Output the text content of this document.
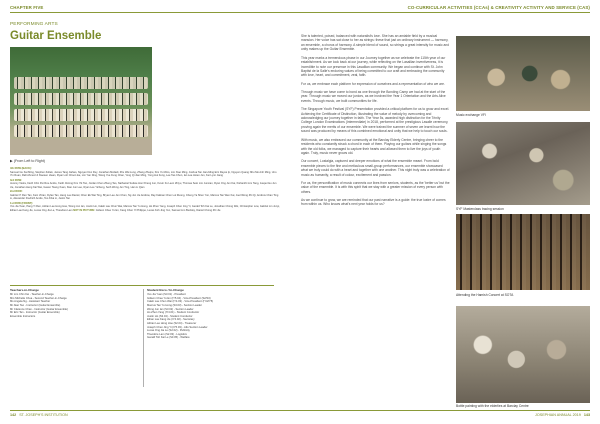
CHAPTER FIVE	CO-CURRICULAR ACTIVITIES (CCAs) & CREATIVITY ACTIVITY AND SERVICE (CAS)
PERFORMING ARTS
Guitar Ensemble
▶ (From Left to Right)
4th ROW (BACK):
Samuel Gu Kai Ming, Stephen Zoltek, James Tang Jiahao, Nguyen Duc Duy, Jonathan Muliadi, Zhu Wai Lung, Zhang Zhuqiu, Kim Yui Woo, Lim Xiao Ming, Joshua Tan Jian-Ming Eric Reyes Ip, Nguyen Quang Nhu Mo Anh Ming, Uno Yin Ruan, Rafi Ahmed Ji Xiaosen Hwan, Ryan Loh Choon Ee, Lim Yan Ding, Wong Yue Fung Chan, Yong Qi Jian Ming, Yong Hui Feng, Lee Tao Chen, Ian Lee Hsien Jun, Kei Lynn Jiang
3rd ROW:
Jeremy Vieira, Kieth Chin Pei Rou Andre, Keith Jitzong Kim Yik Tan, Jordan Chen Zheng Tao, Nathaniel Sodwe Hon Kheng Jun, Kevin Fu Leon Zhiyu, Thomas Seto Lim Junxian, Ryan Ong Jun Kai, Kishanthi Lim Tang, Jasper Eu Jun Jie, Jonathan Heng Kai Wei, Gaven Tsang Xuan, Kian Jun Lee, Ryan Lee Yicheng, Seth Wong Jun Ting, Han Li Qian
2nd ROW:
Gabriel Yi Ren Tan, Kein Vitran, Dylan Tan, Heng Lau Daniel, Chen Ek Wei Ting, Bryan Lee Jun Chen, Ng Jun Jie Andrew, Ray Kalinan Chen Lui Ruong, Cheng Ya Shen Yun, Marcus Tan Wen Kai, Joel Wong Zhi Qi, Andrew Chan Ting Li, Alexander Fredrich Andre, Teo Khai Li, Justin Tan
1st ROW (FRONT):
Yeo Jia Yuan, Pang Yi Ren, Adrian Lee Hong Hoe, Wong Jun Ian, Justin Ho, Caleb Lau Chun Wai, Marcus Tan Yu Hong, Ho Zhen Yang, Joseph Chen Jing Yi, Gerald Toh Kai Le, Jonathan Chong Wei, Christopher Low, Gabriel Lin Junyi, Ethan Lau Kang Jie, Lucas Ong Jia Le, Theodore Lam NOT IN PICTURE: Gideon Chee Yu En, Kang Chen Yi Philippe, Lucas Koh Jing Yen, Samuel Lim Buckley, Daniel Chong Zhi Jie
Teachers-in-Charge
Mr Lim Chin Kei - Teacher-in-Charge
Mrs Michelle Chua - Second Teacher-in-Charge
Ms Angela Ng - Assistant Teacher
Mr Alan Teo - Instructor (Guitar Ensemble)
Mr Clarence Chan - Instructor (Guitar Ensemble)
Mr Eric Tan - Instructor (Guitar Ensemble)
Ensemble Instructors
Student Exco / In-Charge
Yeo Jia Yuan (S3.01) - President
Gideon Chee Yu En (IY5.04) - Vice-President (S2/S3)
Caleb Lau Chun Wai (IY4.03) - Vice-President (IY4/IY5)
Marcus Tan Yu Hong (S3.03) - Section Leader
Wong Jun Ian (S3.02) - Section Leader
Ho Zhen Yang (IY4.01) - Student Conductor
Justin Ho (S3.04) - Student Conductor
Ethan Lau Kang Jie (IY4.02) - Secretary
Adrian Lee Hong Hoe (S2.04) - Treasurer
Joseph Chen Jing Yi (IY5.03) - Alto Section Leader
Lucas Ong Jia Le (S2.02) - Publicity
Theodore Lam (S2.03) - Logistics
Gerald Toh Kai Le (S3.05) - Welfare

She is talented, poised, balanced with naturalist's love. She has an amiable field by a musical mansion. Her voice has sat close to her as strings: these that just an ordinary instrument — harmony, an ensemble, a chorus of harmony. A simple blend of sound, so strings a great intensity for music and unity makes up the Guitar Ensemble.

This year marks a tremendous phase in our Journey together as we celebrate the 115th year of our establishment. As we look back at our journey, while reflecting on the Lasallian inventiveness, it is incredible to note our presence in this Lasallian community. We began and continue with St. John Baptist de la Salle's enduring values of being committed to our craft and embracing the community with love, heart, and commitment, zeal, faith.

For us, we embrace each platform for expression of ourselves and a representation of who we are.

Through music we have come to bond as one through the Bonding Camp we had at the start of the year. Through music we moved our juniors, as we involved the Year 1 Orientation and the Arts Alive events. Through music, we built communities for life.

The Singapore Youth Festival (SYF) Presentation provided a critical platform for us to grow and excel. Achieving the Certificate of Distinction, illustrating the value of melody by overcoming and acknowledging our journey together in faith. The Year 5s, awarded high distinction for the Trinity College London Examinations (Intermediate) in 2018, performed at the prestigious Lasalle ceremony, proving again the merits of our ensemble. We were trained the summer of seven we learnt how the sound was produced by means of this combined emotional and unity that we help to touch our souls.

With music, we also embraced our community at the Barclay Elderly Centre, bringing cheer to the residents who constantly struck a chord in each of them. Playing our guitars while singing the songs with the old folks, we managed to capture their hearts and allowed them to live the joys of youth again. Truly, music never grows old.

Our concert, Lostalgia, captured and deeper emotions of what the ensemble meant. From bold ensemble pieces to the fine and meticulous small-group performances, our ensemble showcased what we truly could do with a heart and together with one another. This night truly was a celebration of music as humanity, a result of colour, excitement and passion.

For us, the personification of music connects our lives from seniors, students, as the 'better us' but the value of the ensemble. It is with this spirit that we stay with a greater mission of every person with others.

As we continue to grow, we are reminded that our past narrative is a guide: the true lustre of comes from within us. Who knows what's next year holds for us?

Music exchange VFI
SYF Masterclass tracing session
Attending the Hamish Concert at SOTA
Bottle painting with the elderlies at Barclay Centre
142 ST. JOSEPH'S INSTITUTION	JOSEPHIAN ANNUAL 2019 143
